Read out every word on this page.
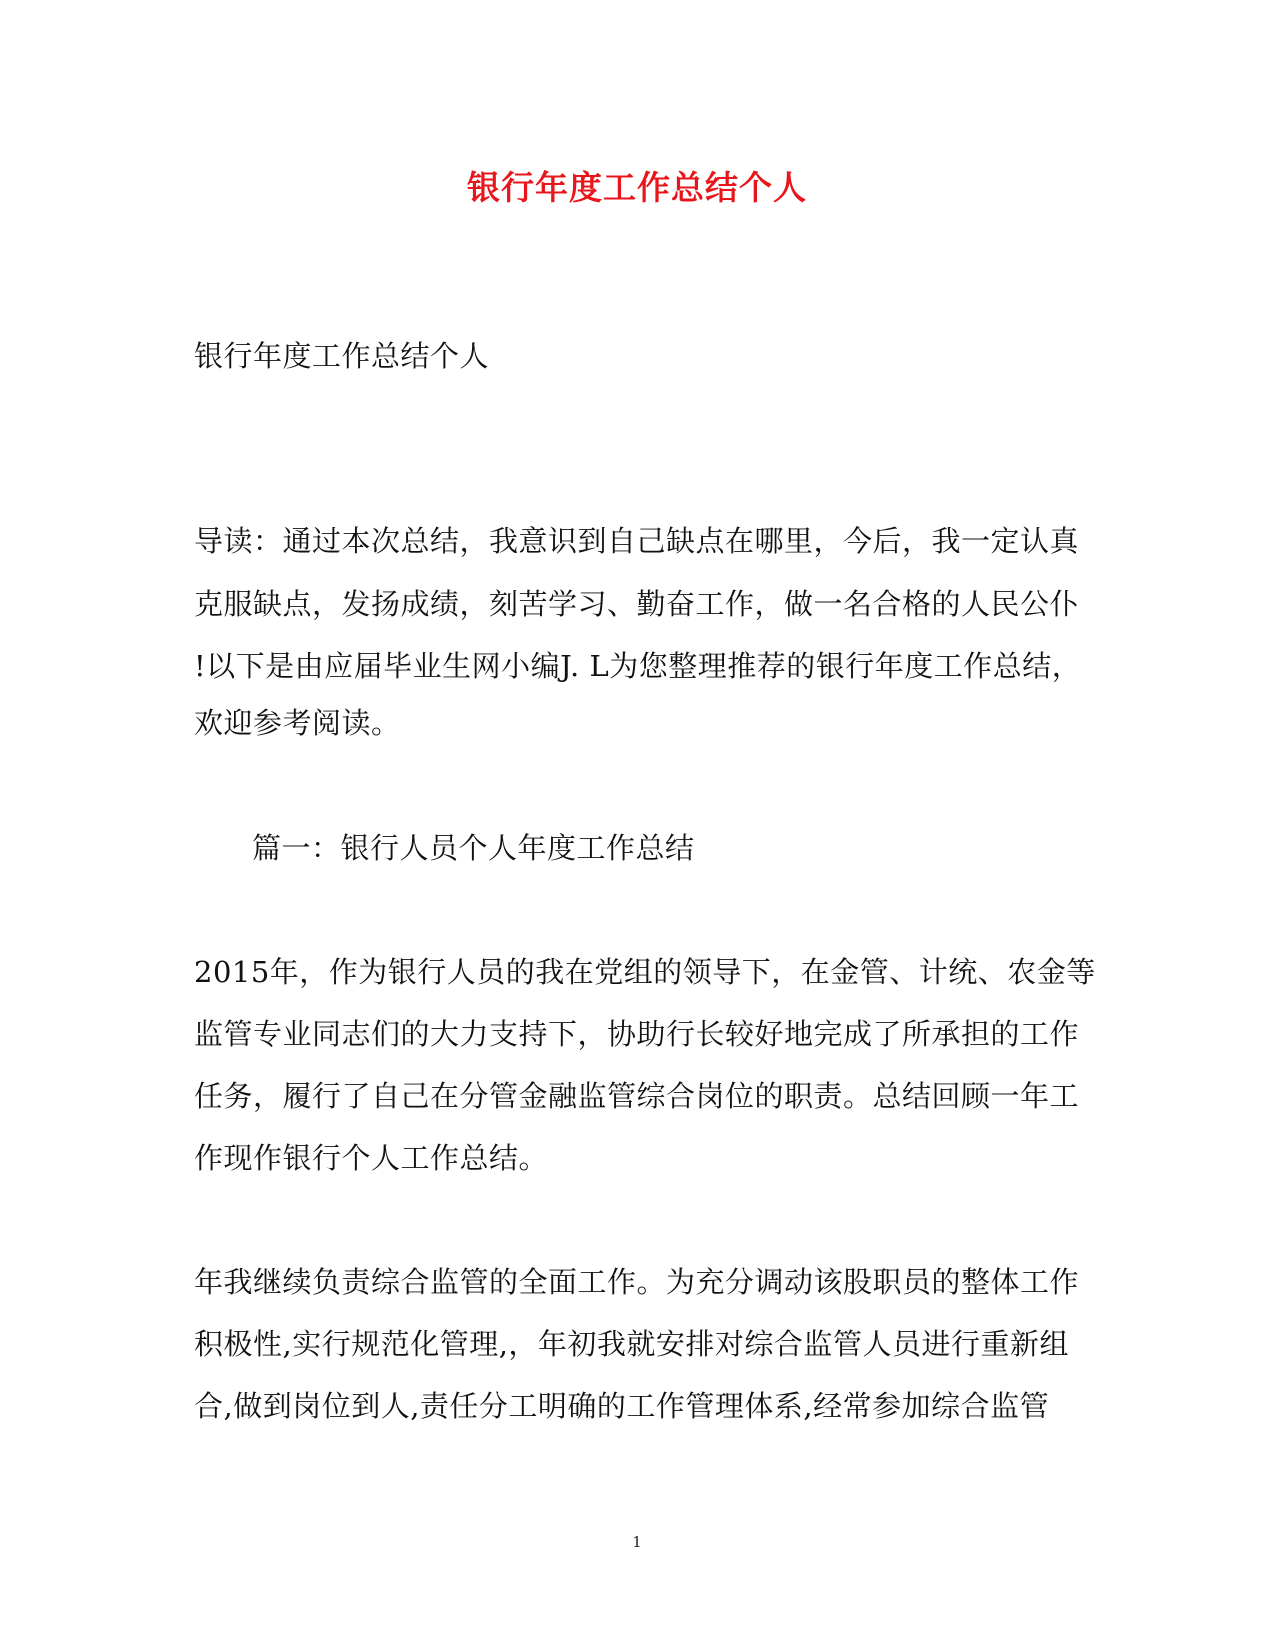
银行年度工作总结个人
银行年度工作总结个人
导读：通过本次总结，我意识到自己缺点在哪里，今后，我一定认真
克服缺点，发扬成绩，刻苦学习、勤奋工作，做一名合格的人民公仆
!以下是由应届毕业生网小编J. L为您整理推荐的银行年度工作总结，
欢迎参考阅读。
篇一：银行人员个人年度工作总结
2015年，作为银行人员的我在党组的领导下，在金管、计统、农金等
监管专业同志们的大力支持下，协助行长较好地完成了所承担的工作
任务，履行了自己在分管金融监管综合岗位的职责。总结回顾一年工
作现作银行个人工作总结。
年我继续负责综合监管的全面工作。为充分调动该股职员的整体工作
积极性,实行规范化管理,，年初我就安排对综合监管人员进行重新组
合,做到岗位到人,责任分工明确的工作管理体系,经常参加综合监管
1
